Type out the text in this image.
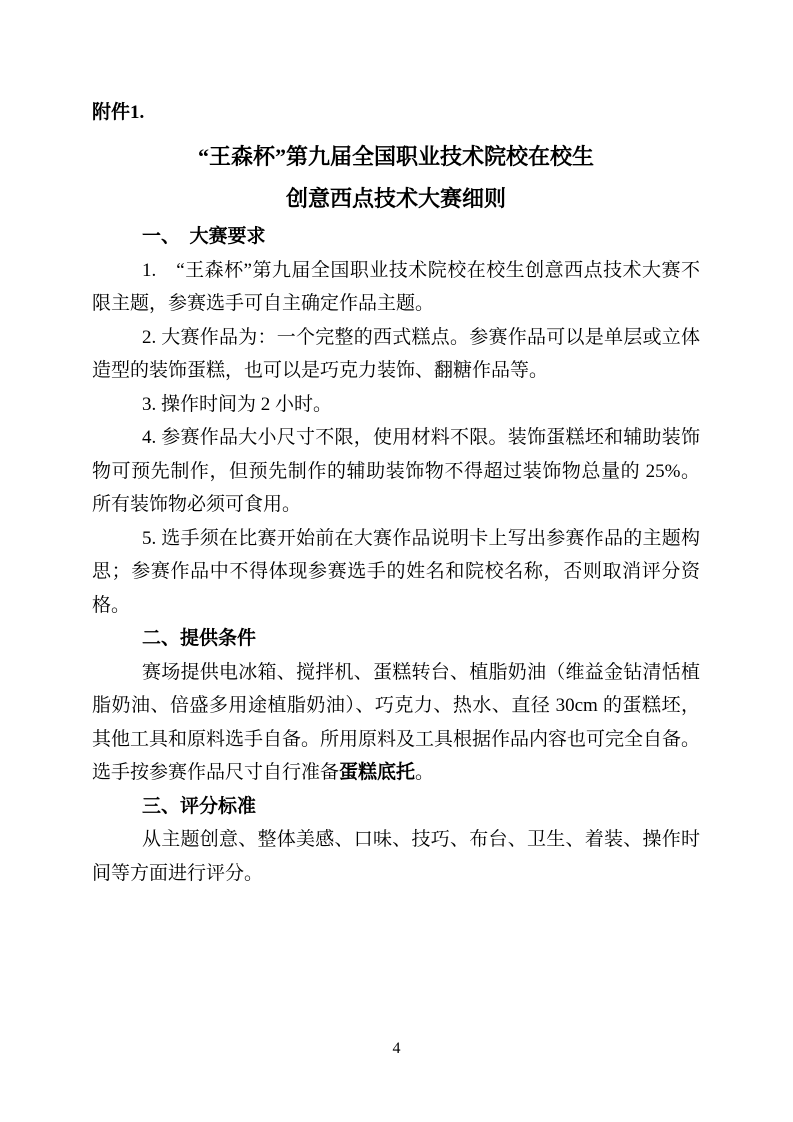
附件1.

“王森杯”第九届全国职业技术院校在校生
创意西点技术大赛细则
一、　大赛要求

1.　“王森杯”第九届全国职业技术院校在校生创意西点技术大赛不限主题，参赛选手可自主确定作品主题。

2. 大赛作品为：一个完整的西式糕点。参赛作品可以是单层或立体造型的装饰蛋糕，也可以是巧克力装饰、翻糖作品等。

3. 操作时间为 2 小时。

4. 参赛作品大小尺寸不限，使用材料不限。装饰蛋糕坯和辅助装饰物可预先制作，但预先制作的辅助装饰物不得超过装饰物总量的 25%。所有装饰物必须可食用。

5. 选手须在比赛开始前在大赛作品说明卡上写出参赛作品的主题构思；参赛作品中不得体现参赛选手的姓名和院校名称，否则取消评分资格。

二、提供条件

赛场提供电冰箱、搅拌机、蛋糕转台、植脂奶油（维益金钻清恬植脂奶油、倍盛多用途植脂奶油）、巧克力、热水、直径 30cm 的蛋糕坯，其他工具和原料选手自备。所用原料及工具根据作品内容也可完全自备。选手按参赛作品尺寸自行准备蛋糕底托。

三、评分标准

从主题创意、整体美感、口味、技巧、布台、卫生、着装、操作时间等方面进行评分。

4
